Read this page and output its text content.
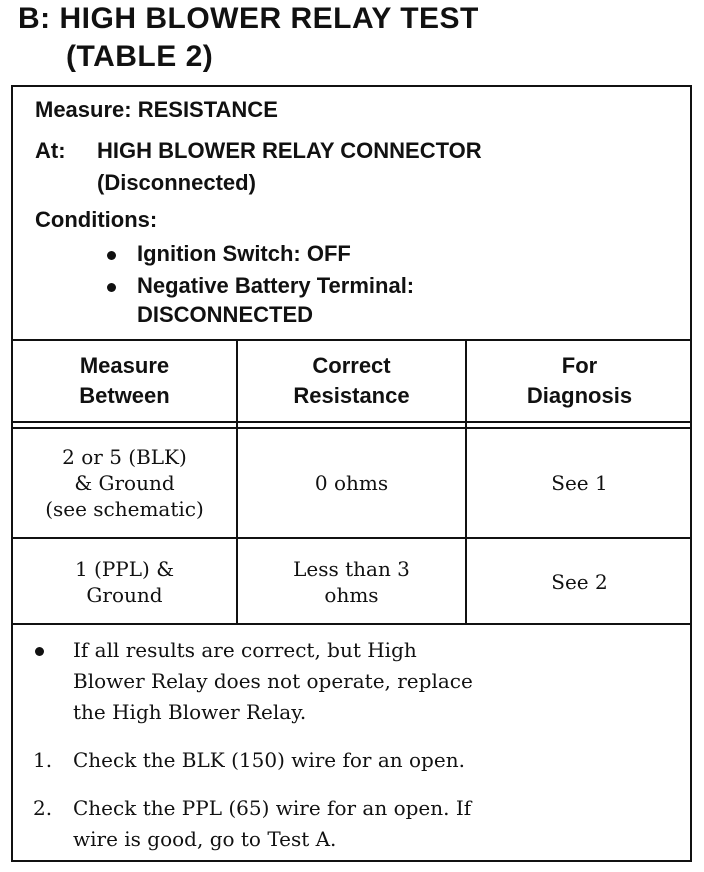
B: HIGH BLOWER RELAY TEST
(TABLE 2)
Measure: RESISTANCE
At: HIGH BLOWER RELAY CONNECTOR
(Disconnected)
Conditions:
Ignition Switch: OFF
Negative Battery Terminal:
DISCONNECTED
Measure
Between
Correct
Resistance
For
Diagnosis
2 or 5 (BLK)
& Ground
(see schematic)
0 ohms	See 1
1 (PPL) &
Ground
Less than 3
ohms
See 2
If all results are correct, but High
Blower Relay does not operate, replace
the High Blower Relay.
1. Check the BLK (150) wire for an open.
2. Check the PPL (65) wire for an open. If
wire is good, go to Test A.
